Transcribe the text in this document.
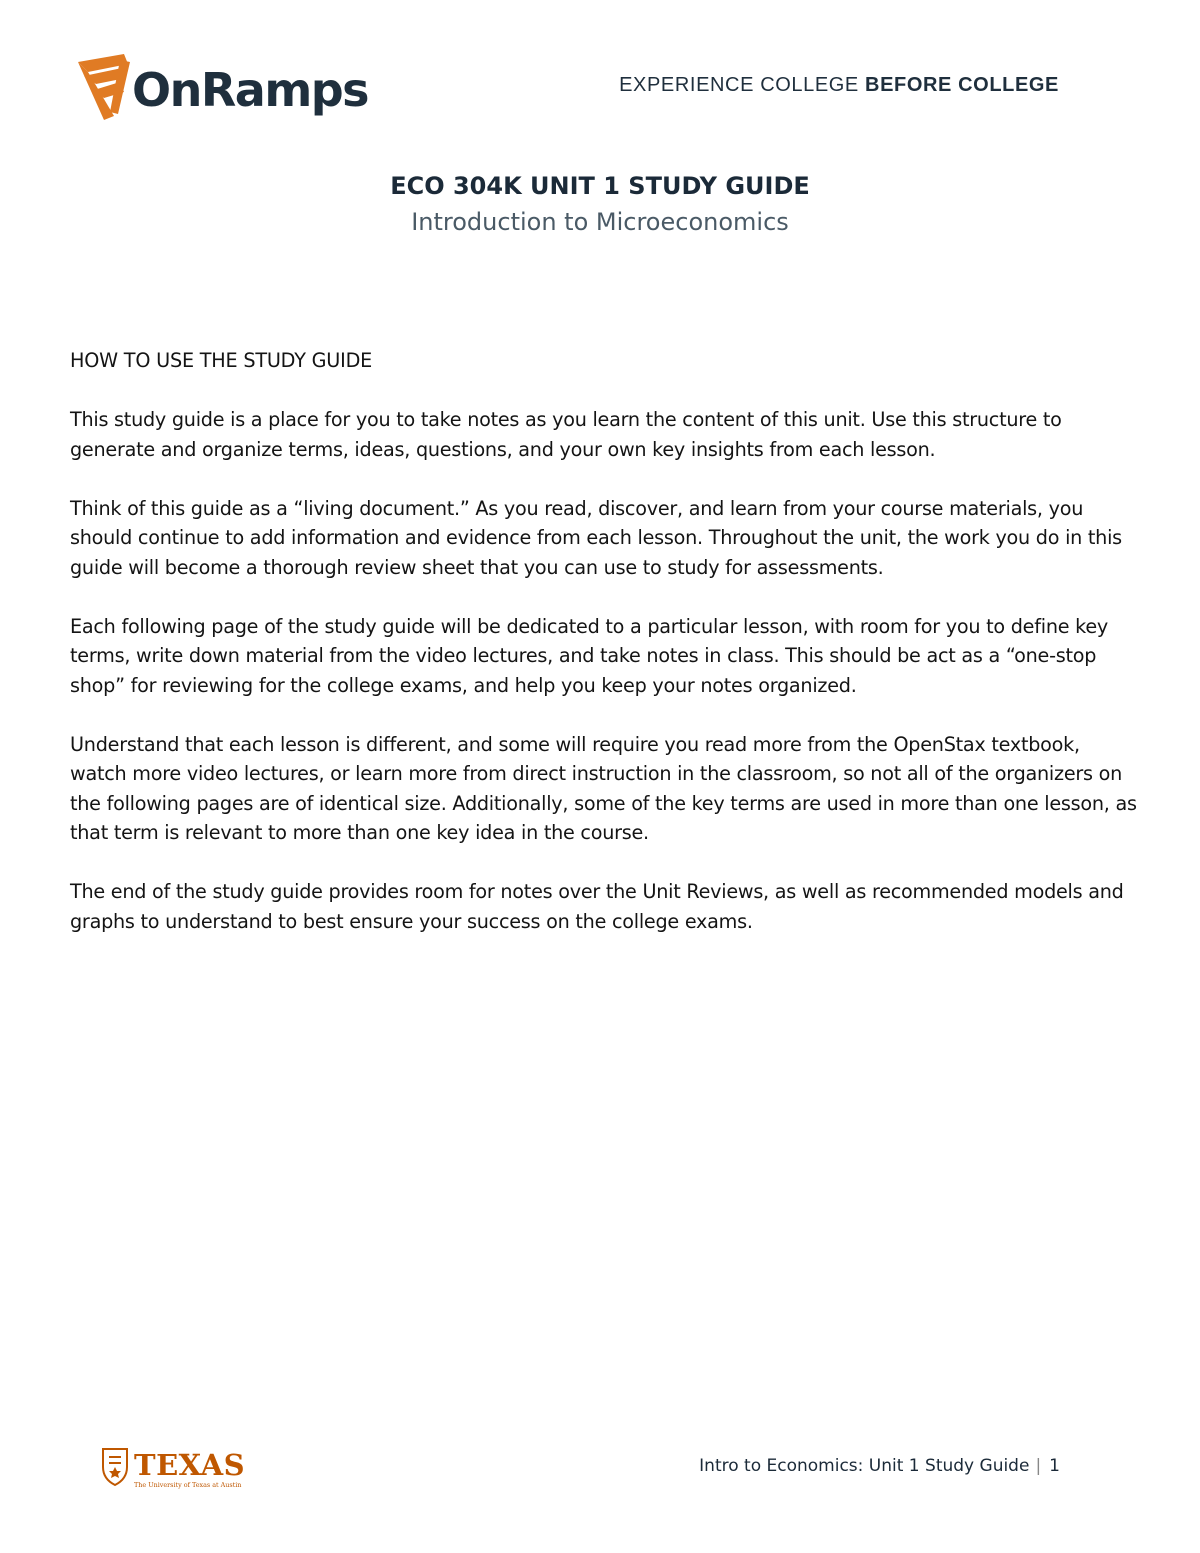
OnRamps	EXPERIENCE COLLEGE BEFORE COLLEGE
ECO 304K UNIT 1 STUDY GUIDE
Introduction to Microeconomics
HOW TO USE THE STUDY GUIDE

This study guide is a place for you to take notes as you learn the content of this unit. Use this structure to generate and organize terms, ideas, questions, and your own key insights from each lesson.

Think of this guide as a “living document.” As you read, discover, and learn from your course materials, you should continue to add information and evidence from each lesson. Throughout the unit, the work you do in this guide will become a thorough review sheet that you can use to study for assessments.

Each following page of the study guide will be dedicated to a particular lesson, with room for you to define key terms, write down material from the video lectures, and take notes in class. This should be act as a “one-stop shop” for reviewing for the college exams, and help you keep your notes organized.

Understand that each lesson is different, and some will require you read more from the OpenStax textbook, watch more video lectures, or learn more from direct instruction in the classroom, so not all of the organizers on the following pages are of identical size. Additionally, some of the key terms are used in more than one lesson, as that term is relevant to more than one key idea in the course.

The end of the study guide provides room for notes over the Unit Reviews, as well as recommended models and graphs to understand to best ensure your success on the college exams.

TEXAS
The University of Texas at Austin
Intro to Economics: Unit 1 Study Guide | 1
